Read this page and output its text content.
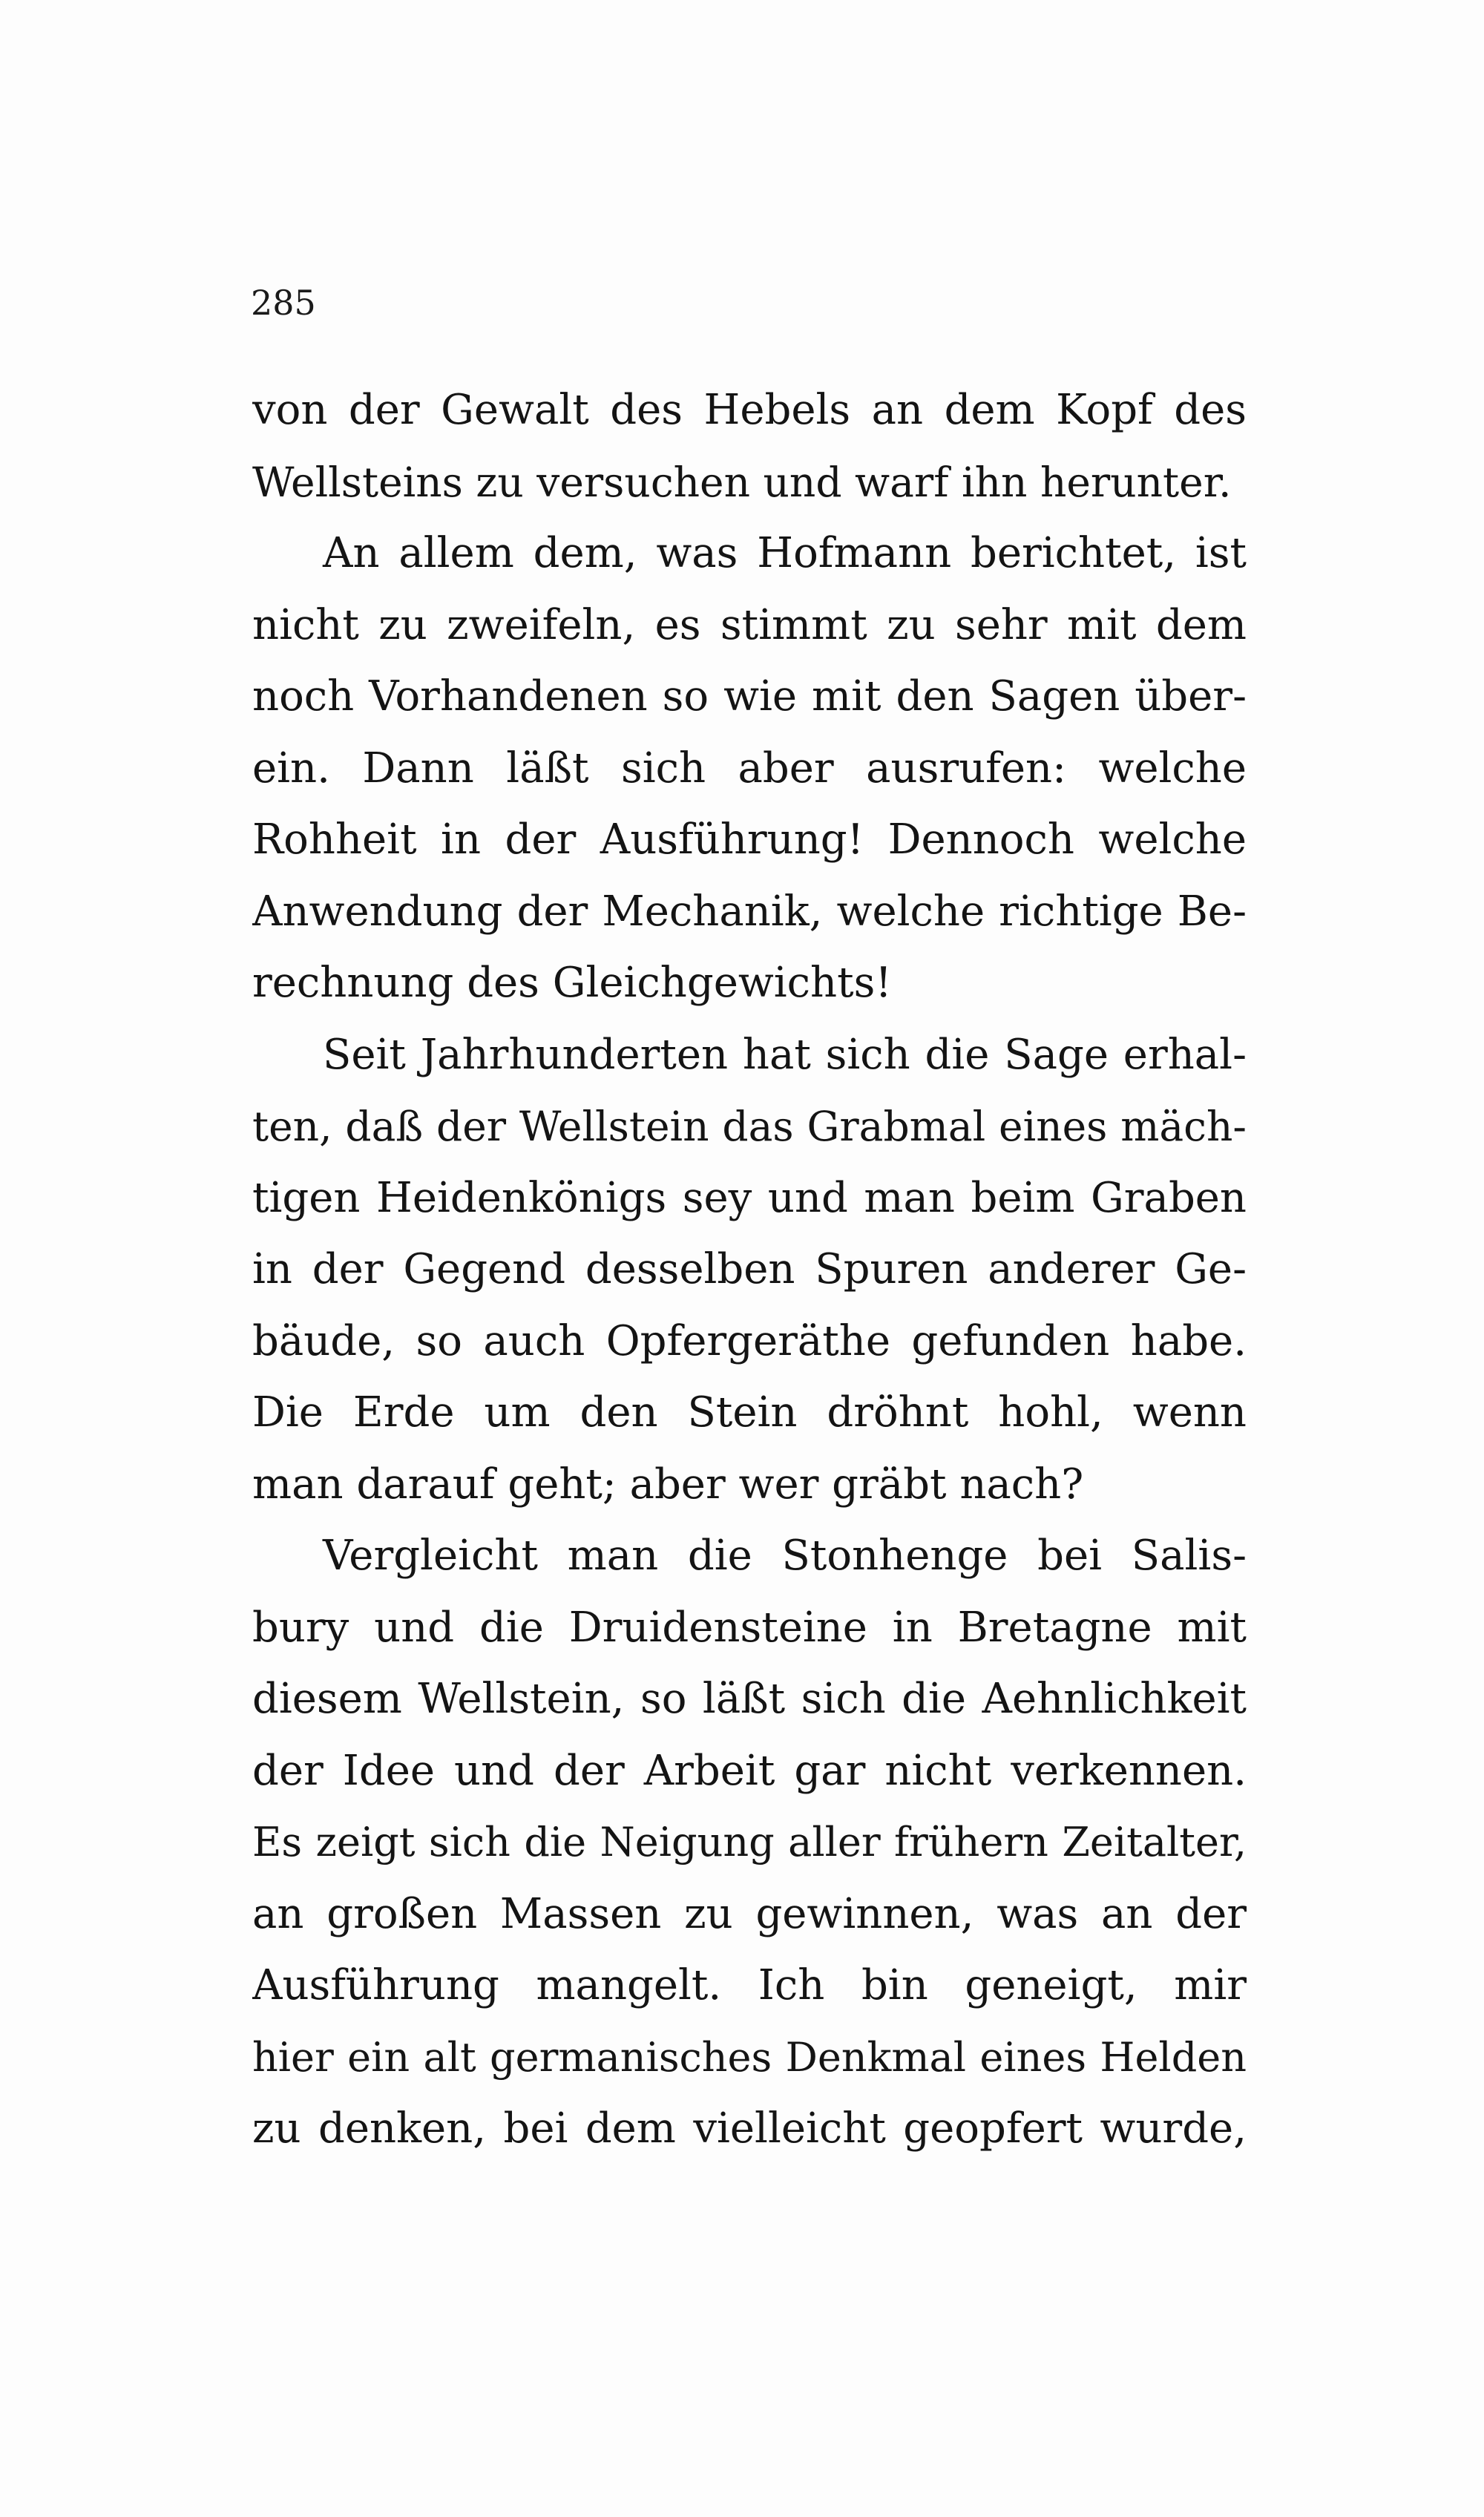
285
von der Gewalt des Hebels an dem Kopf des
Wellsteins zu versuchen und warf ihn herunter.
An allem dem, was Hofmann berichtet, ist
nicht zu zweifeln, es stimmt zu sehr mit dem
noch Vorhandenen so wie mit den Sagen über-
ein. Dann läßt sich aber ausrufen: welche
Rohheit in der Ausführung! Dennoch welche
Anwendung der Mechanik, welche richtige Be-
rechnung des Gleichgewichts!
Seit Jahrhunderten hat sich die Sage erhal-
ten, daß der Wellstein das Grabmal eines mäch-
tigen Heidenkönigs sey und man beim Graben
in der Gegend desselben Spuren anderer Ge-
bäude, so auch Opfergeräthe gefunden habe.
Die Erde um den Stein dröhnt hohl, wenn
man darauf geht; aber wer gräbt nach?
Vergleicht man die Stonhenge bei Salis-
bury und die Druidensteine in Bretagne mit
diesem Wellstein, so läßt sich die Aehnlichkeit
der Idee und der Arbeit gar nicht verkennen.
Es zeigt sich die Neigung aller frühern Zeitalter,
an großen Massen zu gewinnen, was an der
Ausführung mangelt. Ich bin geneigt, mir
hier ein alt germanisches Denkmal eines Helden
zu denken, bei dem vielleicht geopfert wurde,
